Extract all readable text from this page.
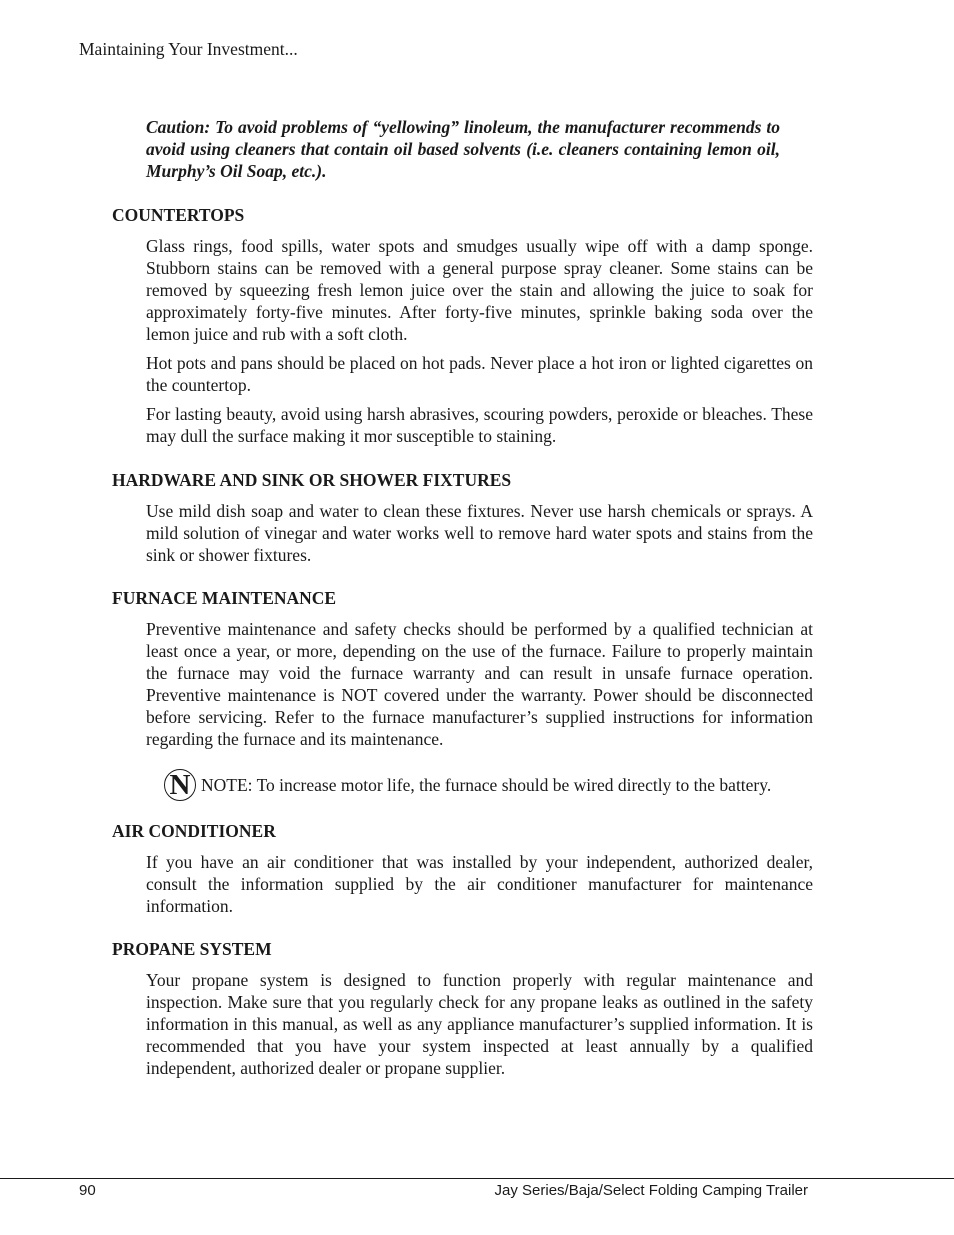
Maintaining Your Investment...
Caution: To avoid problems of “yellowing” linoleum, the manufacturer recommends to avoid using cleaners that contain oil based solvents (i.e. cleaners containing lemon oil, Murphy’s Oil Soap, etc.).
COUNTERTOPS
Glass rings, food spills, water spots and smudges usually wipe off with a damp sponge. Stubborn stains can be removed with a general purpose spray cleaner. Some stains can be removed by squeezing fresh lemon juice over the stain and allowing the juice to soak for approximately forty-five minutes. After forty-five minutes, sprinkle baking soda over the lemon juice and rub with a soft cloth.
Hot pots and pans should be placed on hot pads. Never place a hot iron or lighted cigarettes on the countertop.
For lasting beauty, avoid using harsh abrasives, scouring powders, peroxide or bleaches. These may dull the surface making it mor susceptible to staining.
HARDWARE AND SINK OR SHOWER FIXTURES
Use mild dish soap and water to clean these fixtures. Never use harsh chemicals or sprays. A mild solution of vinegar and water works well to remove hard water spots and stains from the sink or shower fixtures.
FURNACE MAINTENANCE
Preventive maintenance and safety checks should be performed by a qualified technician at least once a year, or more, depending on the use of the furnace. Failure to properly maintain the furnace may void the furnace warranty and can result in unsafe furnace operation. Preventive maintenance is NOT covered under the warranty. Power should be disconnected before servicing. Refer to the furnace manufacturer’s supplied instructions for information regarding the furnace and its maintenance.
N NOTE: To increase motor life, the furnace should be wired directly to the battery.
AIR CONDITIONER
If you have an air conditioner that was installed by your independent, authorized dealer, consult the information supplied by the air conditioner manufacturer for maintenance information.
PROPANE SYSTEM
Your propane system is designed to function properly with regular maintenance and inspection. Make sure that you regularly check for any propane leaks as outlined in the safety information in this manual, as well as any appliance manufacturer’s supplied information. It is recommended that you have your system inspected at least annually by a qualified independent, authorized dealer or propane supplier.
90	Jay Series/Baja/Select Folding Camping Trailer
